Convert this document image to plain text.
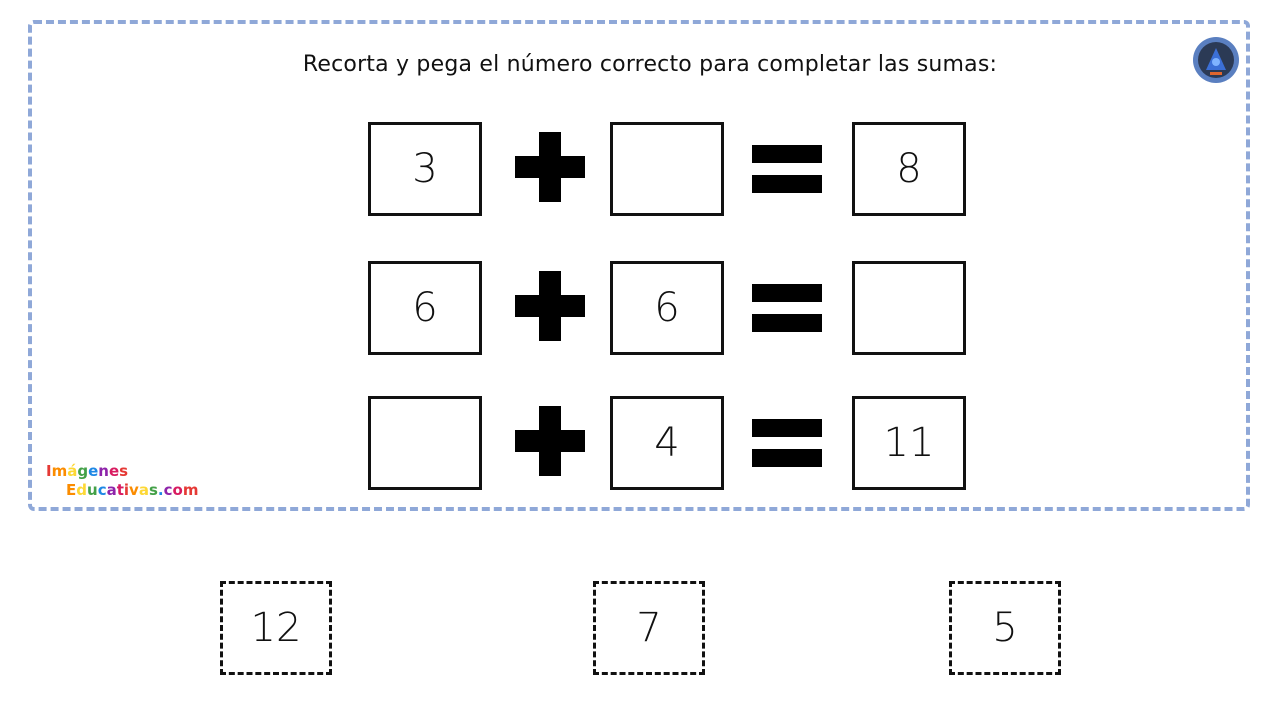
Recorta y pega el número correcto para completar las sumas:
3	8
6	6
4	11
Imágenes
Educativas.com
12	7	5
